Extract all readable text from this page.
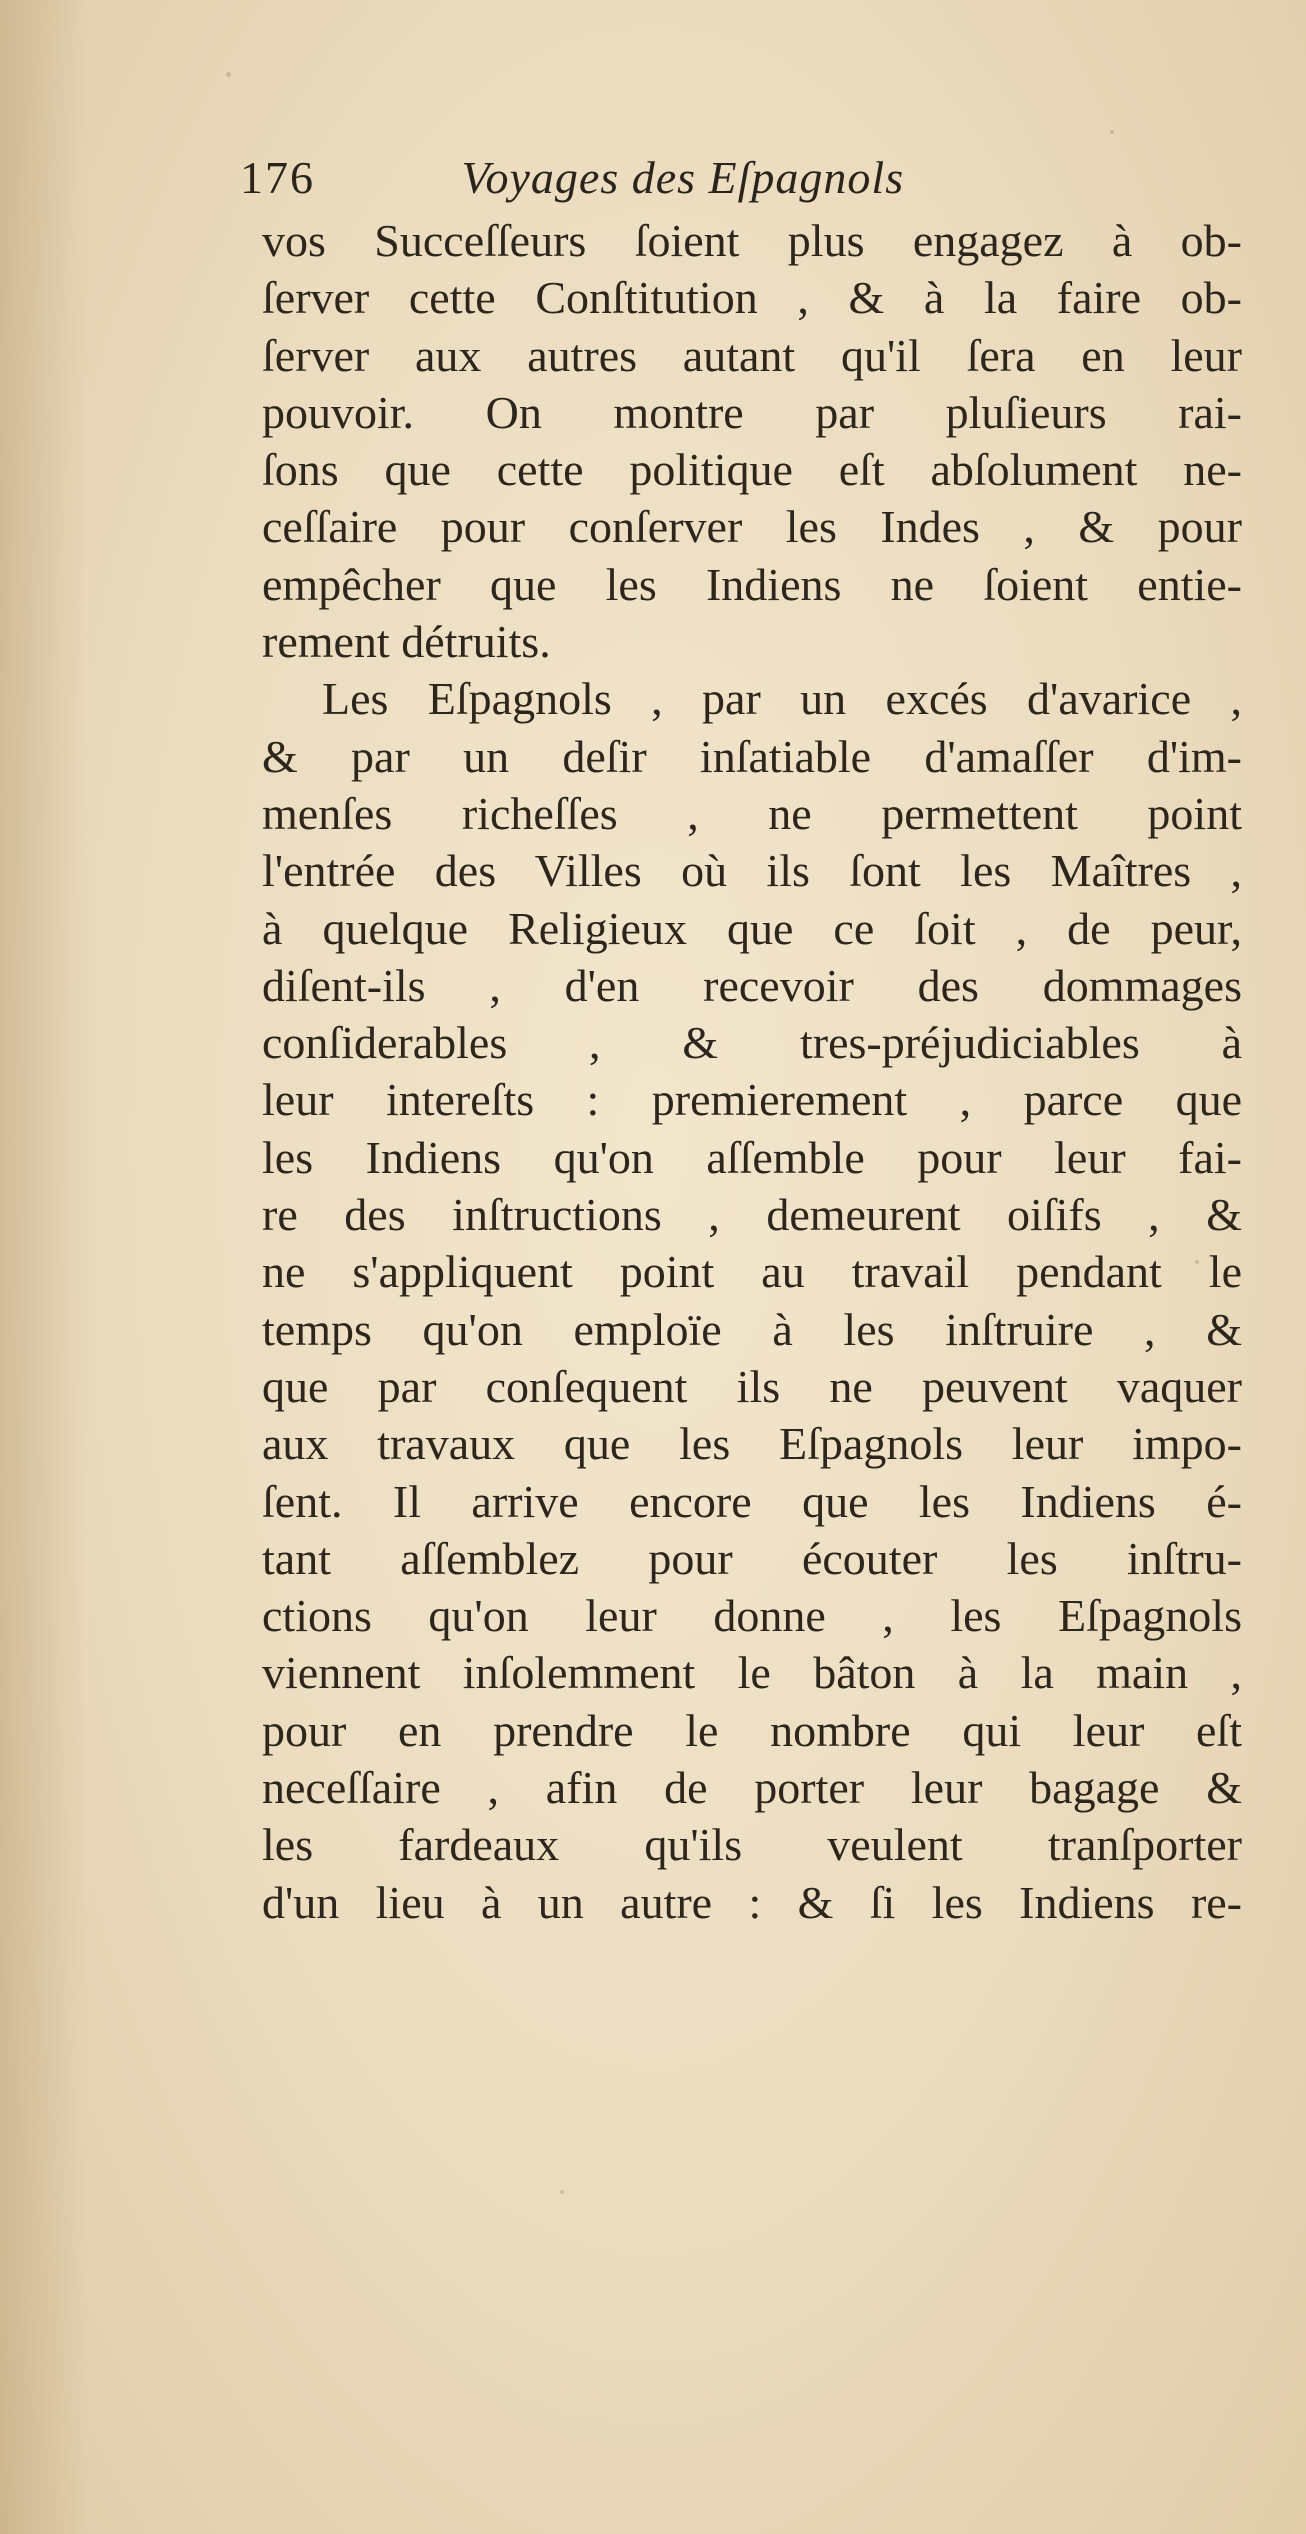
176	Voyages des Eſpagnols
vos Succeſſeurs ſoient plus engagez à ob-
ſerver cette Conſtitution , & à la faire ob-
ſerver aux autres autant qu'il ſera en leur
pouvoir. On montre par pluſieurs rai-
ſons que cette politique eſt abſolument ne-
ceſſaire pour conſerver les Indes , & pour
empêcher que les Indiens ne ſoient entie-
rement détruits.
Les Eſpagnols , par un excés d'avarice ,
& par un deſir inſatiable d'amaſſer d'im-
menſes richeſſes , ne permettent point
l'entrée des Villes où ils ſont les Maîtres ,
à quelque Religieux que ce ſoit , de peur,
diſent-ils , d'en recevoir des dommages
conſiderables , & tres-préjudiciables à
leur intereſts : premierement , parce que
les Indiens qu'on aſſemble pour leur fai-
re des inſtructions , demeurent oiſifs , &
ne s'appliquent point au travail pendant le
temps qu'on emploïe à les inſtruire , &
que par conſequent ils ne peuvent vaquer
aux travaux que les Eſpagnols leur impo-
ſent. Il arrive encore que les Indiens é-
tant aſſemblez pour écouter les inſtru-
ctions qu'on leur donne , les Eſpagnols
viennent inſolemment le bâton à la main ,
pour en prendre le nombre qui leur eſt
neceſſaire , afin de porter leur bagage &
les fardeaux qu'ils veulent tranſporter
d'un lieu à un autre : & ſi les Indiens re-
